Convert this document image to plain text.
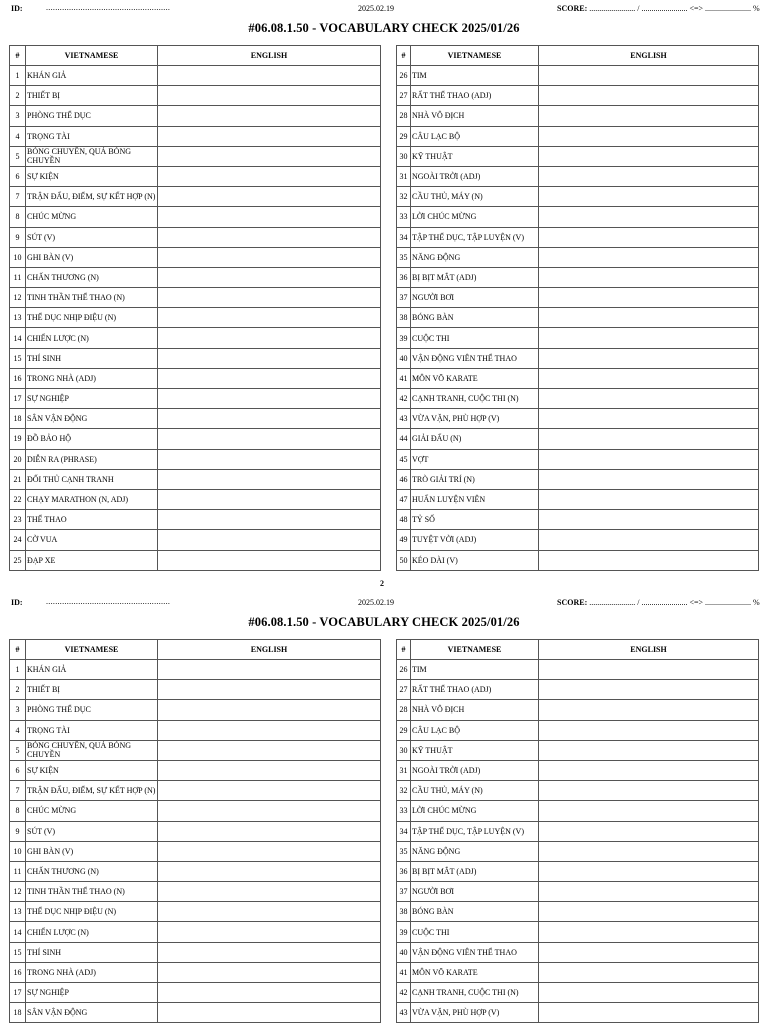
ID:	......................................................	2025.02.19	SCORE: ....................... / ....................... <=> ....................... %
#06.08.1.50 - VOCABULARY CHECK 2025/01/26
#	VIETNAMESE	ENGLISH
1	KHÁN GIẢ	
2	THIẾT BỊ	
3	PHÒNG THỂ DỤC	
4	TRỌNG TÀI	
5	BÓNG CHUYỀN, QUẢ BÓNG CHUYỀN	
6	SỰ KIỆN	
7	TRẬN ĐẤU, ĐIỂM, SỰ KẾT HỢP (N)	
8	CHÚC MỪNG	
9	SÚT (V)	
10	GHI BÀN (V)	
11	CHẤN THƯƠNG (N)	
12	TINH THẦN THỂ THAO (N)	
13	THỂ DỤC NHỊP ĐIỆU (N)	
14	CHIẾN LƯỢC (N)	
15	THÍ SINH	
16	TRONG NHÀ (ADJ)	
17	SỰ NGHIỆP	
18	SÂN VẬN ĐỘNG	
19	ĐỒ BẢO HỘ	
20	DIỄN RA (PHRASE)	
21	ĐỐI THỦ CẠNH TRANH	
22	CHẠY MARATHON (N, ADJ)	
23	THỂ THAO	
24	CỜ VUA	
25	ĐẠP XE	
#	VIETNAMESE	ENGLISH
26	TIM	
27	RẤT THỂ THAO (ADJ)	
28	NHÀ VÔ ĐỊCH	
29	CÂU LẠC BỘ	
30	KỸ THUẬT	
31	NGOÀI TRỜI (ADJ)	
32	CẦU THỦ, MÁY (N)	
33	LỜI CHÚC MỪNG	
34	TẬP THỂ DỤC, TẬP LUYỆN (V)	
35	NĂNG ĐỘNG	
36	BỊ BỊT MẮT (ADJ)	
37	NGƯỜI BƠI	
38	BÓNG BÀN	
39	CUỘC THI	
40	VẬN ĐỘNG VIÊN THỂ THAO	
41	MÔN VÕ KARATE	
42	CẠNH TRANH, CUỘC THI (N)	
43	VỪA VẶN, PHÙ HỢP (V)	
44	GIẢI ĐẤU (N)	
45	VỢT	
46	TRÒ GIẢI TRÍ (N)	
47	HUẤN LUYỆN VIÊN	
48	TỶ SỐ	
49	TUYỆT VỜI (ADJ)	
50	KÉO DÀI (V)	
2
ID:	......................................................	2025.02.19	SCORE: ....................... / ....................... <=> ....................... %
#06.08.1.50 - VOCABULARY CHECK 2025/01/26
#	VIETNAMESE	ENGLISH
1	KHÁN GIẢ	
2	THIẾT BỊ	
3	PHÒNG THỂ DỤC	
4	TRỌNG TÀI	
5	BÓNG CHUYỀN, QUẢ BÓNG CHUYỀN	
6	SỰ KIỆN	
7	TRẬN ĐẤU, ĐIỂM, SỰ KẾT HỢP (N)	
8	CHÚC MỪNG	
9	SÚT (V)	
10	GHI BÀN (V)	
11	CHẤN THƯƠNG (N)	
12	TINH THẦN THỂ THAO (N)	
13	THỂ DỤC NHỊP ĐIỆU (N)	
14	CHIẾN LƯỢC (N)	
15	THÍ SINH	
16	TRONG NHÀ (ADJ)	
17	SỰ NGHIỆP	
18	SÂN VẬN ĐỘNG	
#	VIETNAMESE	ENGLISH
26	TIM	
27	RẤT THỂ THAO (ADJ)	
28	NHÀ VÔ ĐỊCH	
29	CÂU LẠC BỘ	
30	KỸ THUẬT	
31	NGOÀI TRỜI (ADJ)	
32	CẦU THỦ, MÁY (N)	
33	LỜI CHÚC MỪNG	
34	TẬP THỂ DỤC, TẬP LUYỆN (V)	
35	NĂNG ĐỘNG	
36	BỊ BỊT MẮT (ADJ)	
37	NGƯỜI BƠI	
38	BÓNG BÀN	
39	CUỘC THI	
40	VẬN ĐỘNG VIÊN THỂ THAO	
41	MÔN VÕ KARATE	
42	CẠNH TRANH, CUỘC THI (N)	
43	VỪA VẶN, PHÙ HỢP (V)	
